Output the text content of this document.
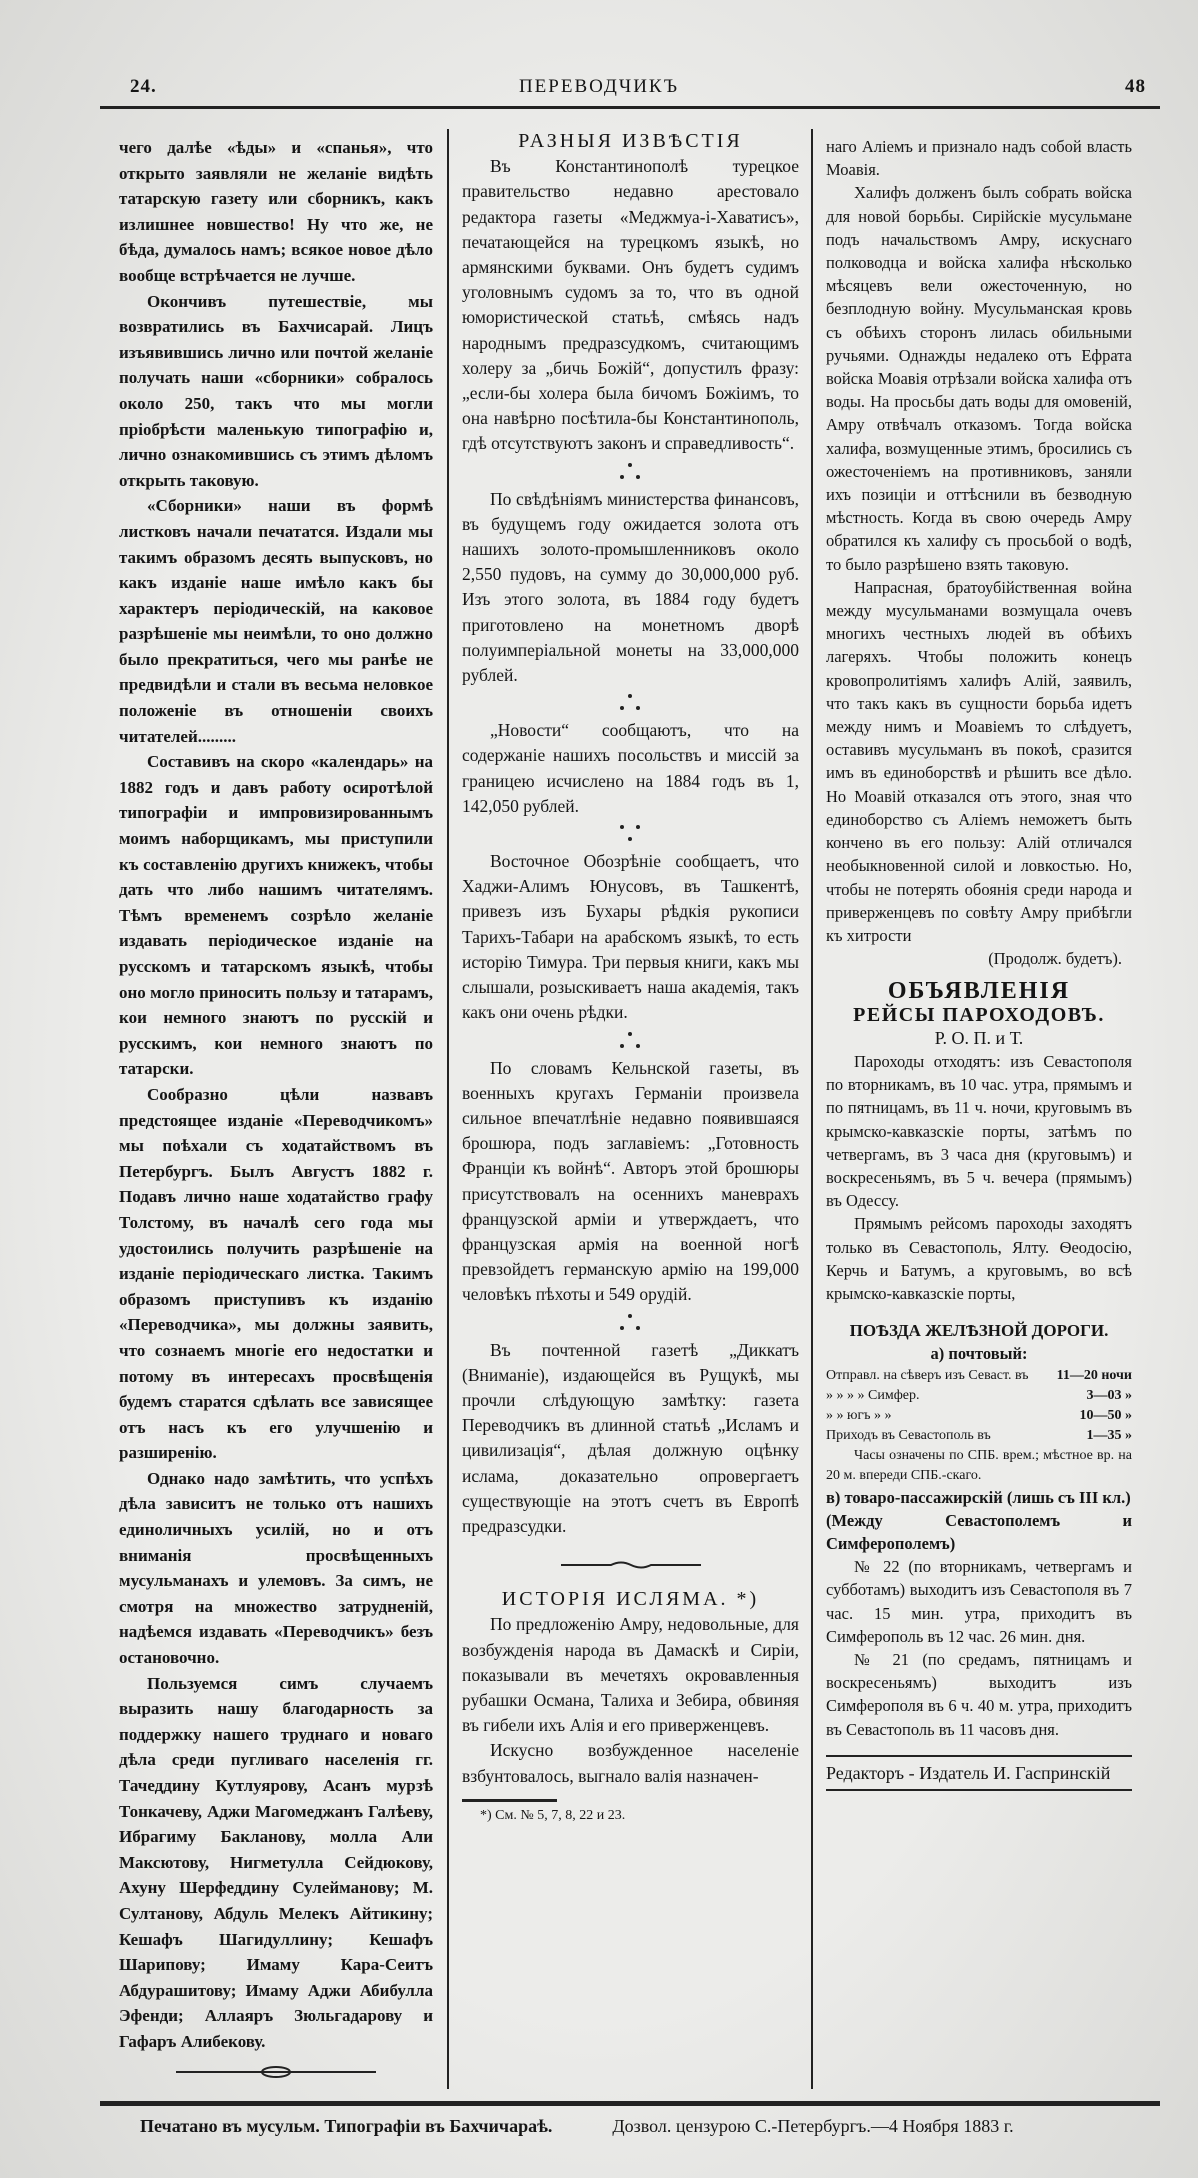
24.	ПЕРЕВОДЧИКЪ	48

чего далѣе «ѣды» и «спанья», что открыто заявляли не желаніе видѣть татарскую газету или сборникъ, какъ излишнее новшество! Ну что же, не бѣда, думалось намъ; всякое новое дѣло вообще встрѣчается не лучше.

Окончивъ путешествіе, мы возвратились въ Бахчисарай. Лицъ изъявившись лично или почтой желаніе получать наши «сборники» собралось около 250, такъ что мы могли пріобрѣсти маленькую типографію и, лично ознакомившись съ этимъ дѣломъ открыть таковую.

«Сборники» наши въ формѣ листковъ начали печататся. Издали мы такимъ образомъ десять выпусковъ, но какъ изданіе наше имѣло какъ бы характеръ періодическій, на каковое разрѣшеніе мы неимѣли, то оно должно было прекратиться, чего мы ранѣе не предвидѣли и стали въ весьма неловкое положеніе въ отношеніи своихъ читателей.........

Составивъ на скоро «календарь» на 1882 годъ и давъ работу осиротѣлой типографіи и импровизированнымъ моимъ наборщикамъ, мы приступили къ составленію другихъ книжекъ, чтобы дать что либо нашимъ читателямъ. Тѣмъ временемъ созрѣло желаніе издавать періодическое изданіе на русскомъ и татарскомъ языкѣ, чтобы оно могло приносить пользу и татарамъ, кои немного знаютъ по русскій и русскимъ, кои немного знаютъ по татарски.

Сообразно цѣли назвавъ предстоящее изданіе «Переводчикомъ» мы поѣхали съ ходатайствомъ въ Петербургъ. Былъ Августъ 1882 г. Подавъ лично наше ходатайство графу Толстому, въ началѣ сего года мы удостоились получить разрѣшеніе на изданіе періодическаго листка. Такимъ образомъ приступивъ къ изданію «Переводчика», мы должны заявить, что сознаемъ многіе его недостатки и потому въ интересахъ просвѣщенія будемъ старатся сдѣлать все зависящее отъ насъ къ его улучшенію и разширенію.

Однако надо замѣтить, что успѣхъ дѣла зависитъ не только отъ нашихъ единоличныхъ усилій, но и отъ вниманія просвѣщенныхъ мусульманахъ и улемовъ. За симъ, не смотря на множество затрудненій, надѣемся издавать «Переводчикъ» безъ остановочно.

Пользуемся симъ случаемъ выразить нашу благодарность за поддержку нашего труднаго и новаго дѣла среди пугливаго населенія гг. Тачеддину Кутлуярову, Асанъ мурзѣ Тонкачеву, Аджи Магомеджанъ Галѣеву, Ибрагиму Бакланову, молла Али Максютову, Нигметулла Сейдюкову, Ахуну Шерфеддину Сулейманову; М. Султанову, Абдуль Мелекъ Айтикину; Кешафъ Шагидуллину; Кешафъ Шарипову; Имаму Кара-Сеитъ Абдурашитову; Имаму Аджи Абибулла Эфенди; Аллаяръ Зюльгадарову и Гафаръ Алибекову.

РАЗНЫЯ ИЗВѢСТІЯ

Въ Константинополѣ турецкое правительство недавно арестовало редактора газеты «Меджмуа-і-Хаватисъ», печатающейся на турецкомъ языкѣ, но армянскими буквами. Онъ будетъ судимъ уголовнымъ судомъ за то, что въ одной юмористической статьѣ, смѣясь надъ народнымъ предразсудкомъ, считающимъ холеру за „бичь Божій“, допустилъ фразу: „если-бы холера была бичомъ Божіимъ, то она навѣрно посѣтила-бы Константинополь, гдѣ отсутствуютъ законъ и справедливость“.

По свѣдѣніямъ министерства финансовъ, въ будущемъ году ожидается золота отъ нашихъ золото-промышленниковъ около 2,550 пудовъ, на сумму до 30,000,000 руб. Изъ этого золота, въ 1884 году будетъ приготовлено на монетномъ дворѣ полуимперіальной монеты на 33,000,000 рублей.

„Новости“ сообщаютъ, что на содержаніе нашихъ посольствъ и миссій за границею исчислено на 1884 годъ въ 1, 142,050 рублей.

Восточное Обозрѣніе сообщаетъ, что Хаджи-Алимъ Юнусовъ, въ Ташкентѣ, привезъ изъ Бухары рѣдкія рукописи Тарихъ-Табари на арабскомъ языкѣ, то есть исторію Тимура. Три первыя книги, какъ мы слышали, розыскиваетъ наша академія, такъ какъ они очень рѣдки.

По словамъ Кельнской газеты, въ военныхъ кругахъ Германіи произвела сильное впечатлѣніе недавно появившаяся брошюра, подъ заглавіемъ: „Готовность Франціи къ войнѣ“. Авторъ этой брошюры присутствовалъ на осеннихъ маневрахъ французской арміи и утверждаетъ, что французская армія на военной ногѣ превзойдетъ германскую армію на 199,000 человѣкъ пѣхоты и 549 орудій.

Въ почтенной газетѣ „Диккатъ (Вниманіе), издающейся въ Рущукѣ, мы прочли слѣдующую замѣтку: газета Переводчикъ въ длинной статьѣ „Исламъ и цивилизація“, дѣлая должную оцѣнку ислама, доказательно опровергаетъ существующіе на этотъ счетъ въ Европѣ предразсудки.

ИСТОРІЯ ИСЛЯМА. *)

По предложенію Амру, недовольные, для возбужденія народа въ Дамаскѣ и Сиріи, показывали въ мечетяхъ окровавленныя рубашки Османа, Талиха и Зебира, обвиняя въ гибели ихъ Алія и его приверженцевъ.

Искусно возбужденное населеніе взбунтовалось, выгнало валія назначен-

*) См. № 5, 7, 8, 22 и 23.

наго Аліемъ и признало надъ собой власть Моавія.

Халифъ долженъ былъ собрать войска для новой борьбы. Сирійскіе мусульмане подъ начальствомъ Амру, искуснаго полководца и войска халифа нѣсколько мѣсяцевъ вели ожесточенную, но безплодную войну. Мусульманская кровь съ обѣихъ сторонъ лилась обильными ручьями. Однажды недалеко отъ Ефрата войска Моавія отрѣзали войска халифа отъ воды. На просьбы дать воды для омовеній, Амру отвѣчалъ отказомъ. Тогда войска халифа, возмущенные этимъ, бросились съ ожесточеніемъ на противниковъ, заняли ихъ позиціи и оттѣснили въ безводную мѣстность. Когда въ свою очередь Амру обратился къ халифу съ просьбой о водѣ, то было разрѣшено взять таковую.

Напрасная, братоубійственная война между мусульманами возмущала очевъ многихъ честныхъ людей въ обѣихъ лагеряхъ. Чтобы положить конецъ кровопролитіямъ халифъ Алій, заявилъ, что такъ какъ въ сущности борьба идетъ между нимъ и Моавіемъ то слѣдуетъ, оставивъ мусульманъ въ покоѣ, сразится имъ въ единоборствѣ и рѣшить все дѣло. Но Моавій отказался отъ этого, зная что единоборство съ Аліемъ неможетъ быть кончено въ его пользу: Алій отличался необыкновенной силой и ловкостью. Но, чтобы не потерять обоянія среди народа и приверженцевъ по совѣту Амру прибѣгли къ хитрости

(Продолж. будетъ).

ОБЪЯВЛЕНІЯ

РЕЙСЫ ПАРОХОДОВЪ.

Р. О. П. и Т.

Пароходы отходятъ: изъ Севастополя по вторникамъ, въ 10 час. утра, прямымъ и по пятницамъ, въ 11 ч. ночи, круговымъ въ крымско-кавказскіе порты, затѣмъ по четвергамъ, въ 3 часа дня (круговымъ) и воскресеньямъ, въ 5 ч. вечера (прямымъ) въ Одессу.

Прямымъ рейсомъ пароходы заходятъ только въ Севастополь, Ялту. Ѳеодосію, Керчь и Батумъ, а круговымъ, во всѣ крымско-кавказскіе порты,

ПОѢЗДА ЖЕЛѢЗНОЙ ДОРОГИ.

а) почтовый:

Отправл. на сѣверъ изъ Севаст. въ	11—20 ночи
» » » » Симфер.	3—03 »
» » югъ » »	10—50 »
Приходъ въ Севастополь въ	1—35 »

Часы означены по СПБ. врем.; мѣстное вр. на 20 м. впереди СПБ.-скаго.

в) товаро-пассажирскій (лишь съ III кл.)

(Между Севастополемъ и Симферополемъ)

№ 22 (по вторникамъ, четвергамъ и субботамъ) выходитъ изъ Севастополя въ 7 час. 15 мин. утра, приходитъ въ Симферополь въ 12 час. 26 мин. дня.

№ 21 (по средамъ, пятницамъ и воскресеньямъ) выходитъ изъ Симферополя въ 6 ч. 40 м. утра, приходитъ въ Севастополь въ 11 часовъ дня.

Редакторъ - Издатель И. Гаспринскій
Печатано въ мусульм. Типографіи въ Бахчичараѣ.	Дозвол. цензурою С.-Петербургъ.—4 Ноября 1883 г.
